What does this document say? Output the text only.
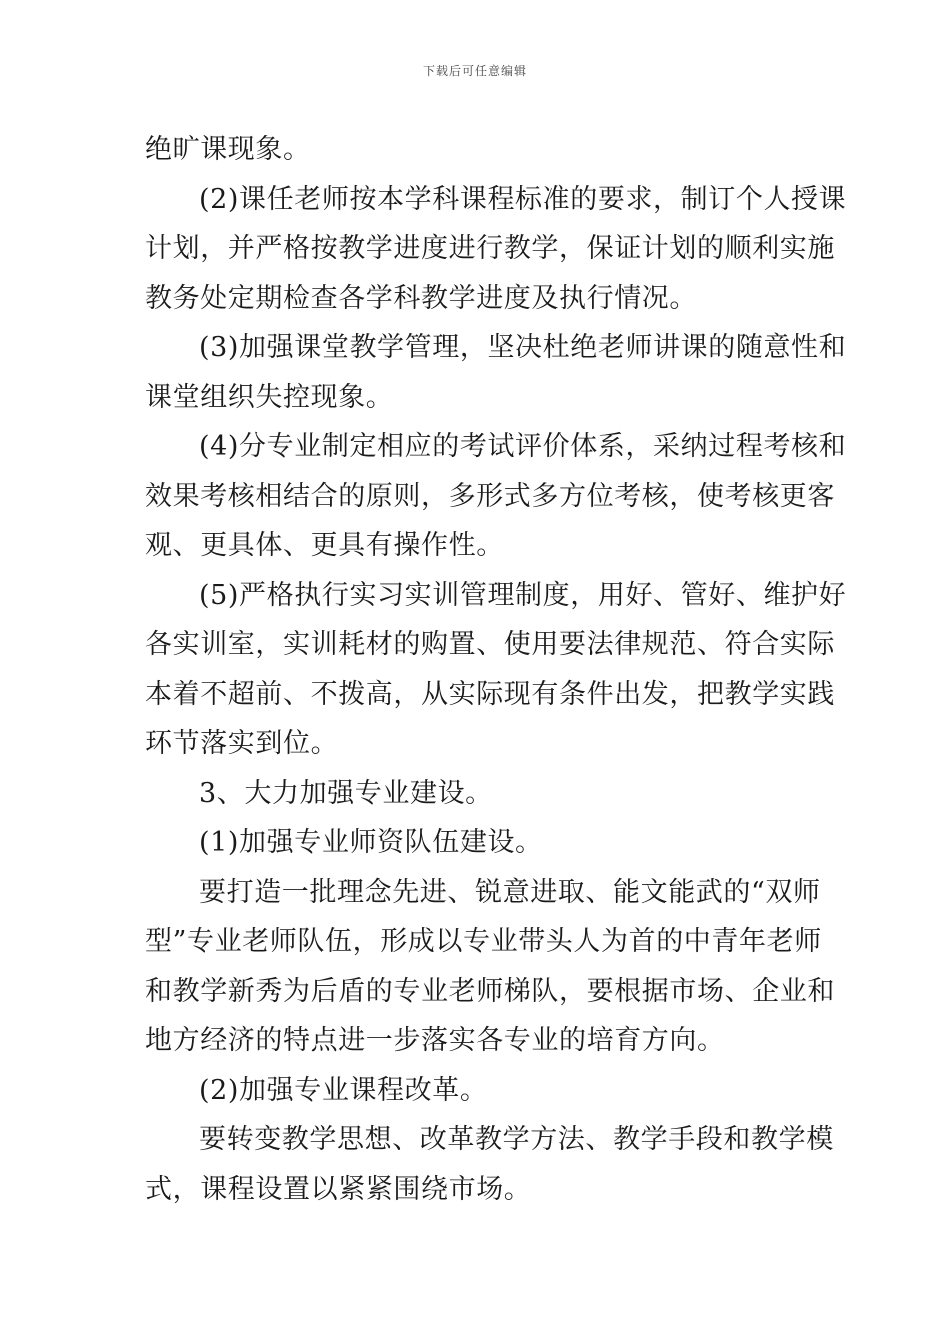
下载后可任意编辑
绝旷课现象。
(2)课任老师按本学科课程标准的要求，制订个人授课
计划，并严格按教学进度进行教学，保证计划的顺利实施
教务处定期检查各学科教学进度及执行情况。
(3)加强课堂教学管理，坚决杜绝老师讲课的随意性和
课堂组织失控现象。
(4)分专业制定相应的考试评价体系，采纳过程考核和
效果考核相结合的原则，多形式多方位考核，使考核更客
观、更具体、更具有操作性。
(5)严格执行实习实训管理制度，用好、管好、维护好
各实训室，实训耗材的购置、使用要法律规范、符合实际
本着不超前、不拨高，从实际现有条件出发，把教学实践
环节落实到位。
3、大力加强专业建设。
(1)加强专业师资队伍建设。
要打造一批理念先进、锐意进取、能文能武的“双师
型”专业老师队伍，形成以专业带头人为首的中青年老师
和教学新秀为后盾的专业老师梯队，要根据市场、企业和
地方经济的特点进一步落实各专业的培育方向。
(2)加强专业课程改革。
要转变教学思想、改革教学方法、教学手段和教学模
式，课程设置以紧紧围绕市场。
